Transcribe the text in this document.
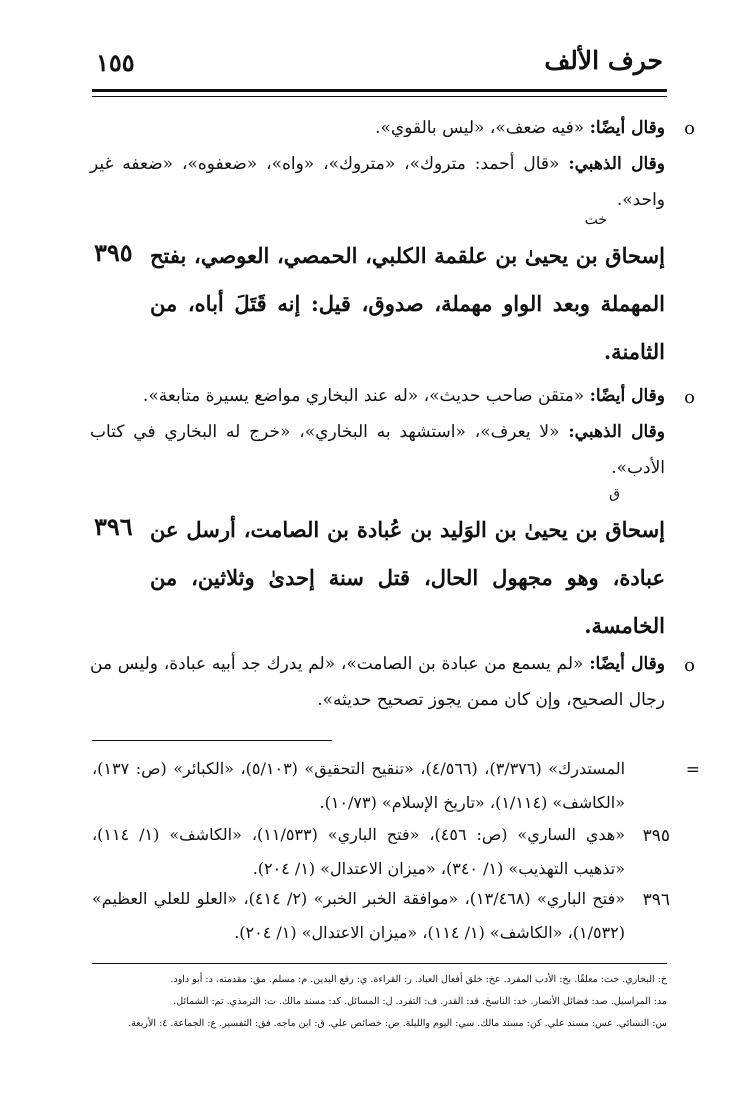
حرف الألف
١٥٥
o
وقال أيضًا: «فيه ضعف»، «ليس بالقوي».
وقال الذهبي: «قال أحمد: متروك»، «متروك»، «واه»، «ضعفوه»، «ضعفه غير واحد».
خت
٣٩٥ إسحاق بن يحيىٰ بن علقمة الكلبي، الحمصي، العوصي، بفتح المهملة وبعد الواو مهملة، صدوق، قيل: إنه قَتَلَ أباه، من الثامنة.
o
وقال أيضًا: «متقن صاحب حديث»، «له عند البخاري مواضع يسيرة متابعة».
وقال الذهبي: «لا يعرف»، «استشهد به البخاري»، «خرج له البخاري في كتاب الأدب».
ق
٣٩٦ إسحاق بن يحيىٰ بن الوَليد بن عُبادة بن الصامت، أرسل عن عبادة، وهو مجهول الحال، قتل سنة إحدىٰ وثلاثين، من الخامسة.
o
وقال أيضًا: «لم يسمع من عبادة بن الصامت»، «لم يدرك جد أبيه عبادة، وليس من رجال الصحيح، وإن كان ممن يجوز تصحيح حديثه».
=
المستدرك» (٣/٣٧٦)، (٤/٥٦٦)، «تنقيح التحقيق» (٥/١٠٣)، «الكبائر» (ص: ١٣٧)، «الكاشف» (١/١١٤)، «تاريخ الإسلام» (١٠/٧٣).
٣٩٥
«هدي الساري» (ص: ٤٥٦)، «فتح الباري» (١١/٥٣٣)، «الكاشف» (١/ ١١٤)، «تذهيب التهذيب» (١/ ٣٤٠)، «ميزان الاعتدال» (١/ ٢٠٤).
٣٩٦
«فتح الباري» (١٣/٤٦٨)، «موافقة الخبر الخبر» (٢/ ٤١٤)، «العلو للعلي العظيم» (١/٥٣٢)، «الكاشف» (١/ ١١٤)، «ميزان الاعتدال» (١/ ٢٠٤).
خ: البخاري. خت: معلقًا. بخ: الأدب المفرد. عخ: خلق أفعال العباد. ر: القراءة. ي: رفع اليدين. م: مسلم. مق: مقدمته. د: أبو داود.
مد: المراسيل. صد: فضائل الأنصار. خد: الناسخ. قد: القدر. ف: التفرد. ل: المسائل. كد: مسند مالك. ت: الترمذي. تم: الشمائل.
س: النسائي. عس: مسند علي. كن: مسند مالك. سي: اليوم والليلة. ص: خصائص علي. ق: ابن ماجه. فق: التفسير. ع: الجماعة. ٤: الأربعة.
